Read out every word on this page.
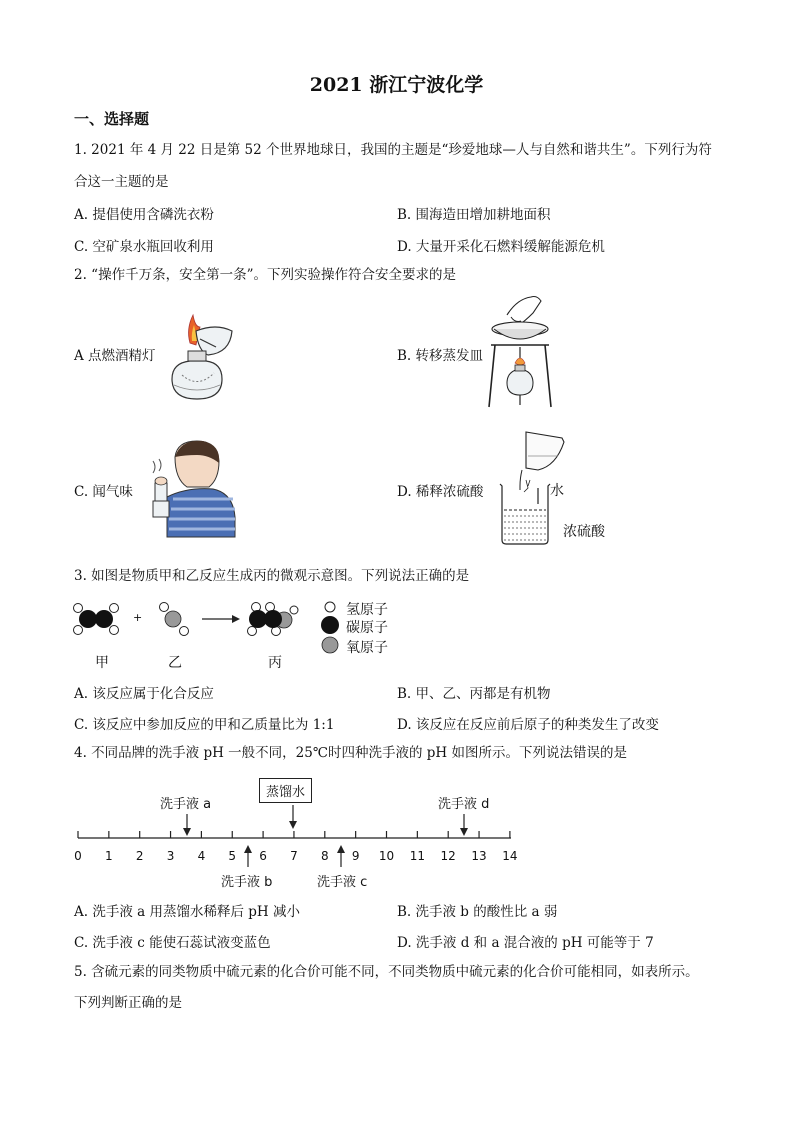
2021 浙江宁波化学
一、选择题
1. 2021 年 4 月 22 日是第 52 个世界地球日，我国的主题是“珍爱地球—人与自然和谐共生”。下列行为符
合这一主题的是
A. 提倡使用含磷洗衣粉	B. 围海造田增加耕地面积
C. 空矿泉水瓶回收利用	D. 大量开采化石燃料缓解能源危机
2. “操作千万条，安全第一条”。下列实验操作符合安全要求的是
A 点燃酒精灯	B. 转移蒸发皿
C. 闻气味	D. 稀释浓硫酸	水
浓硫酸
3. 如图是物质甲和乙反应生成丙的微观示意图。下列说法正确的是
+
甲	乙	丙
氢原子
碳原子
氧原子
A. 该反应属于化合反应	B. 甲、乙、丙都是有机物
C. 该反应中参加反应的甲和乙质量比为 1:1	D. 该反应在反应前后原子的种类发生了改变
4. 不同品牌的洗手液 pH 一般不同，25℃时四种洗手液的 pH 如图所示。下列说法错误的是
0	1	2	3	4	5	6	7	8	9	10 11 12 13 14
洗手液 a
蒸馏水
洗手液 d
洗手液 b	洗手液 c
A. 洗手液 a 用蒸馏水稀释后 pH 减小	B. 洗手液 b 的酸性比 a 弱
C. 洗手液 c 能使石蕊试液变蓝色	D. 洗手液 d 和 a 混合液的 pH 可能等于 7
5. 含硫元素的同类物质中硫元素的化合价可能不同，不同类物质中硫元素的化合价可能相同，如表所示。
下列判断正确的是
